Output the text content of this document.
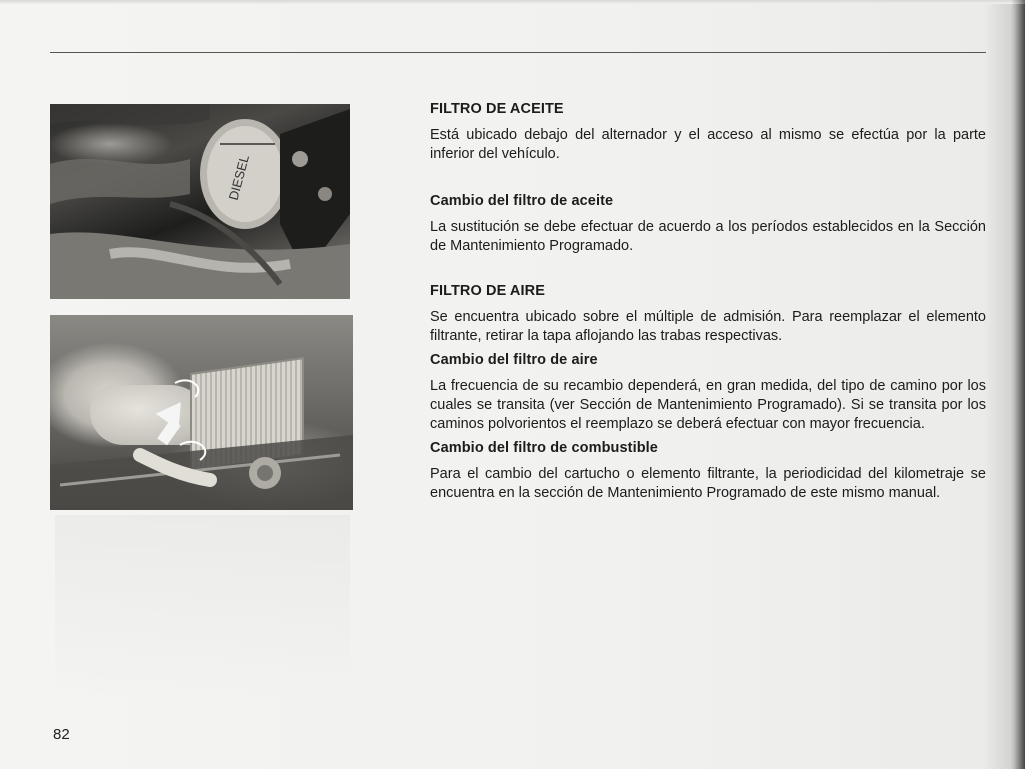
DIESEL
FILTRO DE ACEITE

Está ubicado debajo del alternador y el acceso al mismo se efectúa por la parte inferior del vehículo.

Cambio del filtro de aceite

La sustitución se debe efectuar de acuerdo a los períodos establecidos en la Sección de Mantenimiento Programado.

FILTRO DE AIRE

Se encuentra ubicado sobre el múltiple de admisión. Para reemplazar el elemento filtrante, retirar la tapa aflojando las trabas respectivas.

Cambio del filtro de aire

La frecuencia de su recambio dependerá, en gran medida, del tipo de camino por los cuales se transita (ver Sección de Mantenimiento Programado). Si se transita por los caminos polvorientos el reemplazo se deberá efectuar con mayor frecuencia.

Cambio del filtro de combustible

Para el cambio del cartucho o elemento filtrante, la periodicidad del kilometraje se encuentra en la sección de Mantenimiento Programado de este mismo manual.

82
